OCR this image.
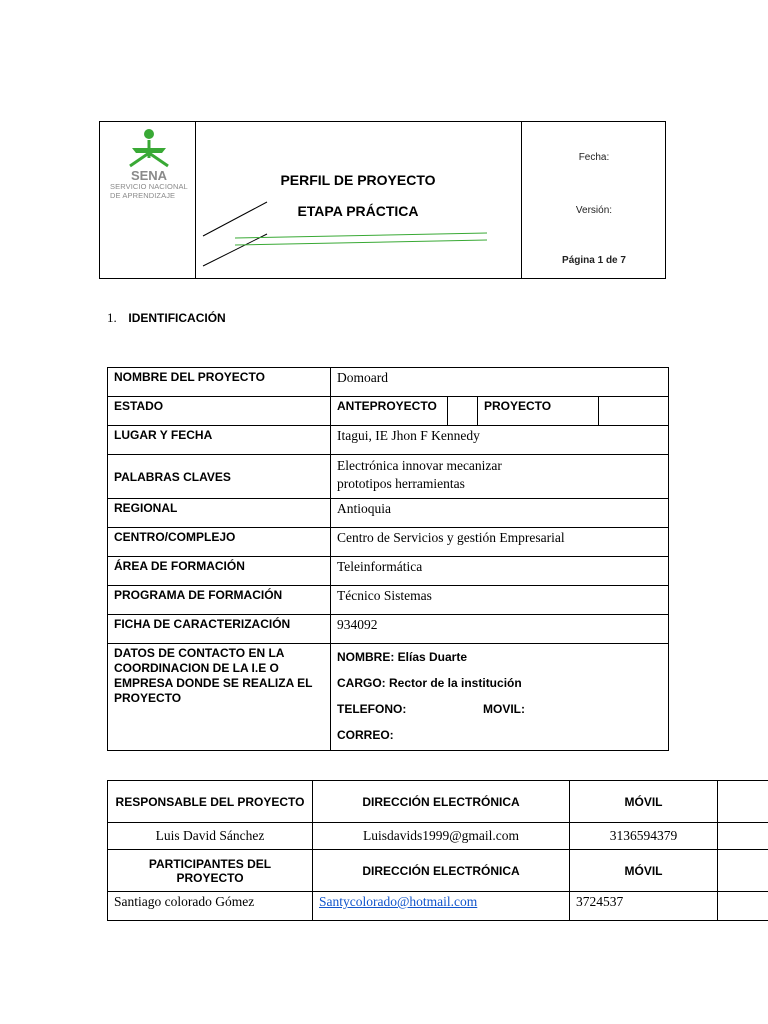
SENA
SERVICIO NACIONAL
DE APRENDIZAJE
PERFIL DE PROYECTO
ETAPA PRÁCTICA
Fecha:
Versión:
Página 1 de 7
1. IDENTIFICACIÓN
NOMBRE DEL PROYECTO	Domoard			
ESTADO	ANTEPROYECTO		PROYECTO	
LUGAR Y FECHA	Itagui, IE Jhon F Kennedy			
PALABRAS CLAVES	Electrónica innovar mecanizar prototipos herramientas			
REGIONAL	Antioquia			
CENTRO/COMPLEJO	Centro de Servicios y gestión Empresarial			
ÁREA DE FORMACIÓN	Teleinformática			
PROGRAMA DE FORMACIÓN	Técnico Sistemas			
FICHA DE CARACTERIZACIÓN	934092			
DATOS DE CONTACTO EN LA COORDINACION DE LA I.E O EMPRESA DONDE SE REALIZA EL PROYECTO	NOMBRE: Elías Duarte
CARGO: Rector de la institución
TELEFONO: MOVIL:
CORREO:			
RESPONSABLE DEL PROYECTO	DIRECCIÓN ELECTRÓNICA	MÓVIL	
Luis David Sánchez	Luisdavids1999@gmail.com	3136594379	
PARTICIPANTES DEL PROYECTO	DIRECCIÓN ELECTRÓNICA	MÓVIL	
Santiago colorado Gómez	Santycolorado@hotmail.com	3724537	
